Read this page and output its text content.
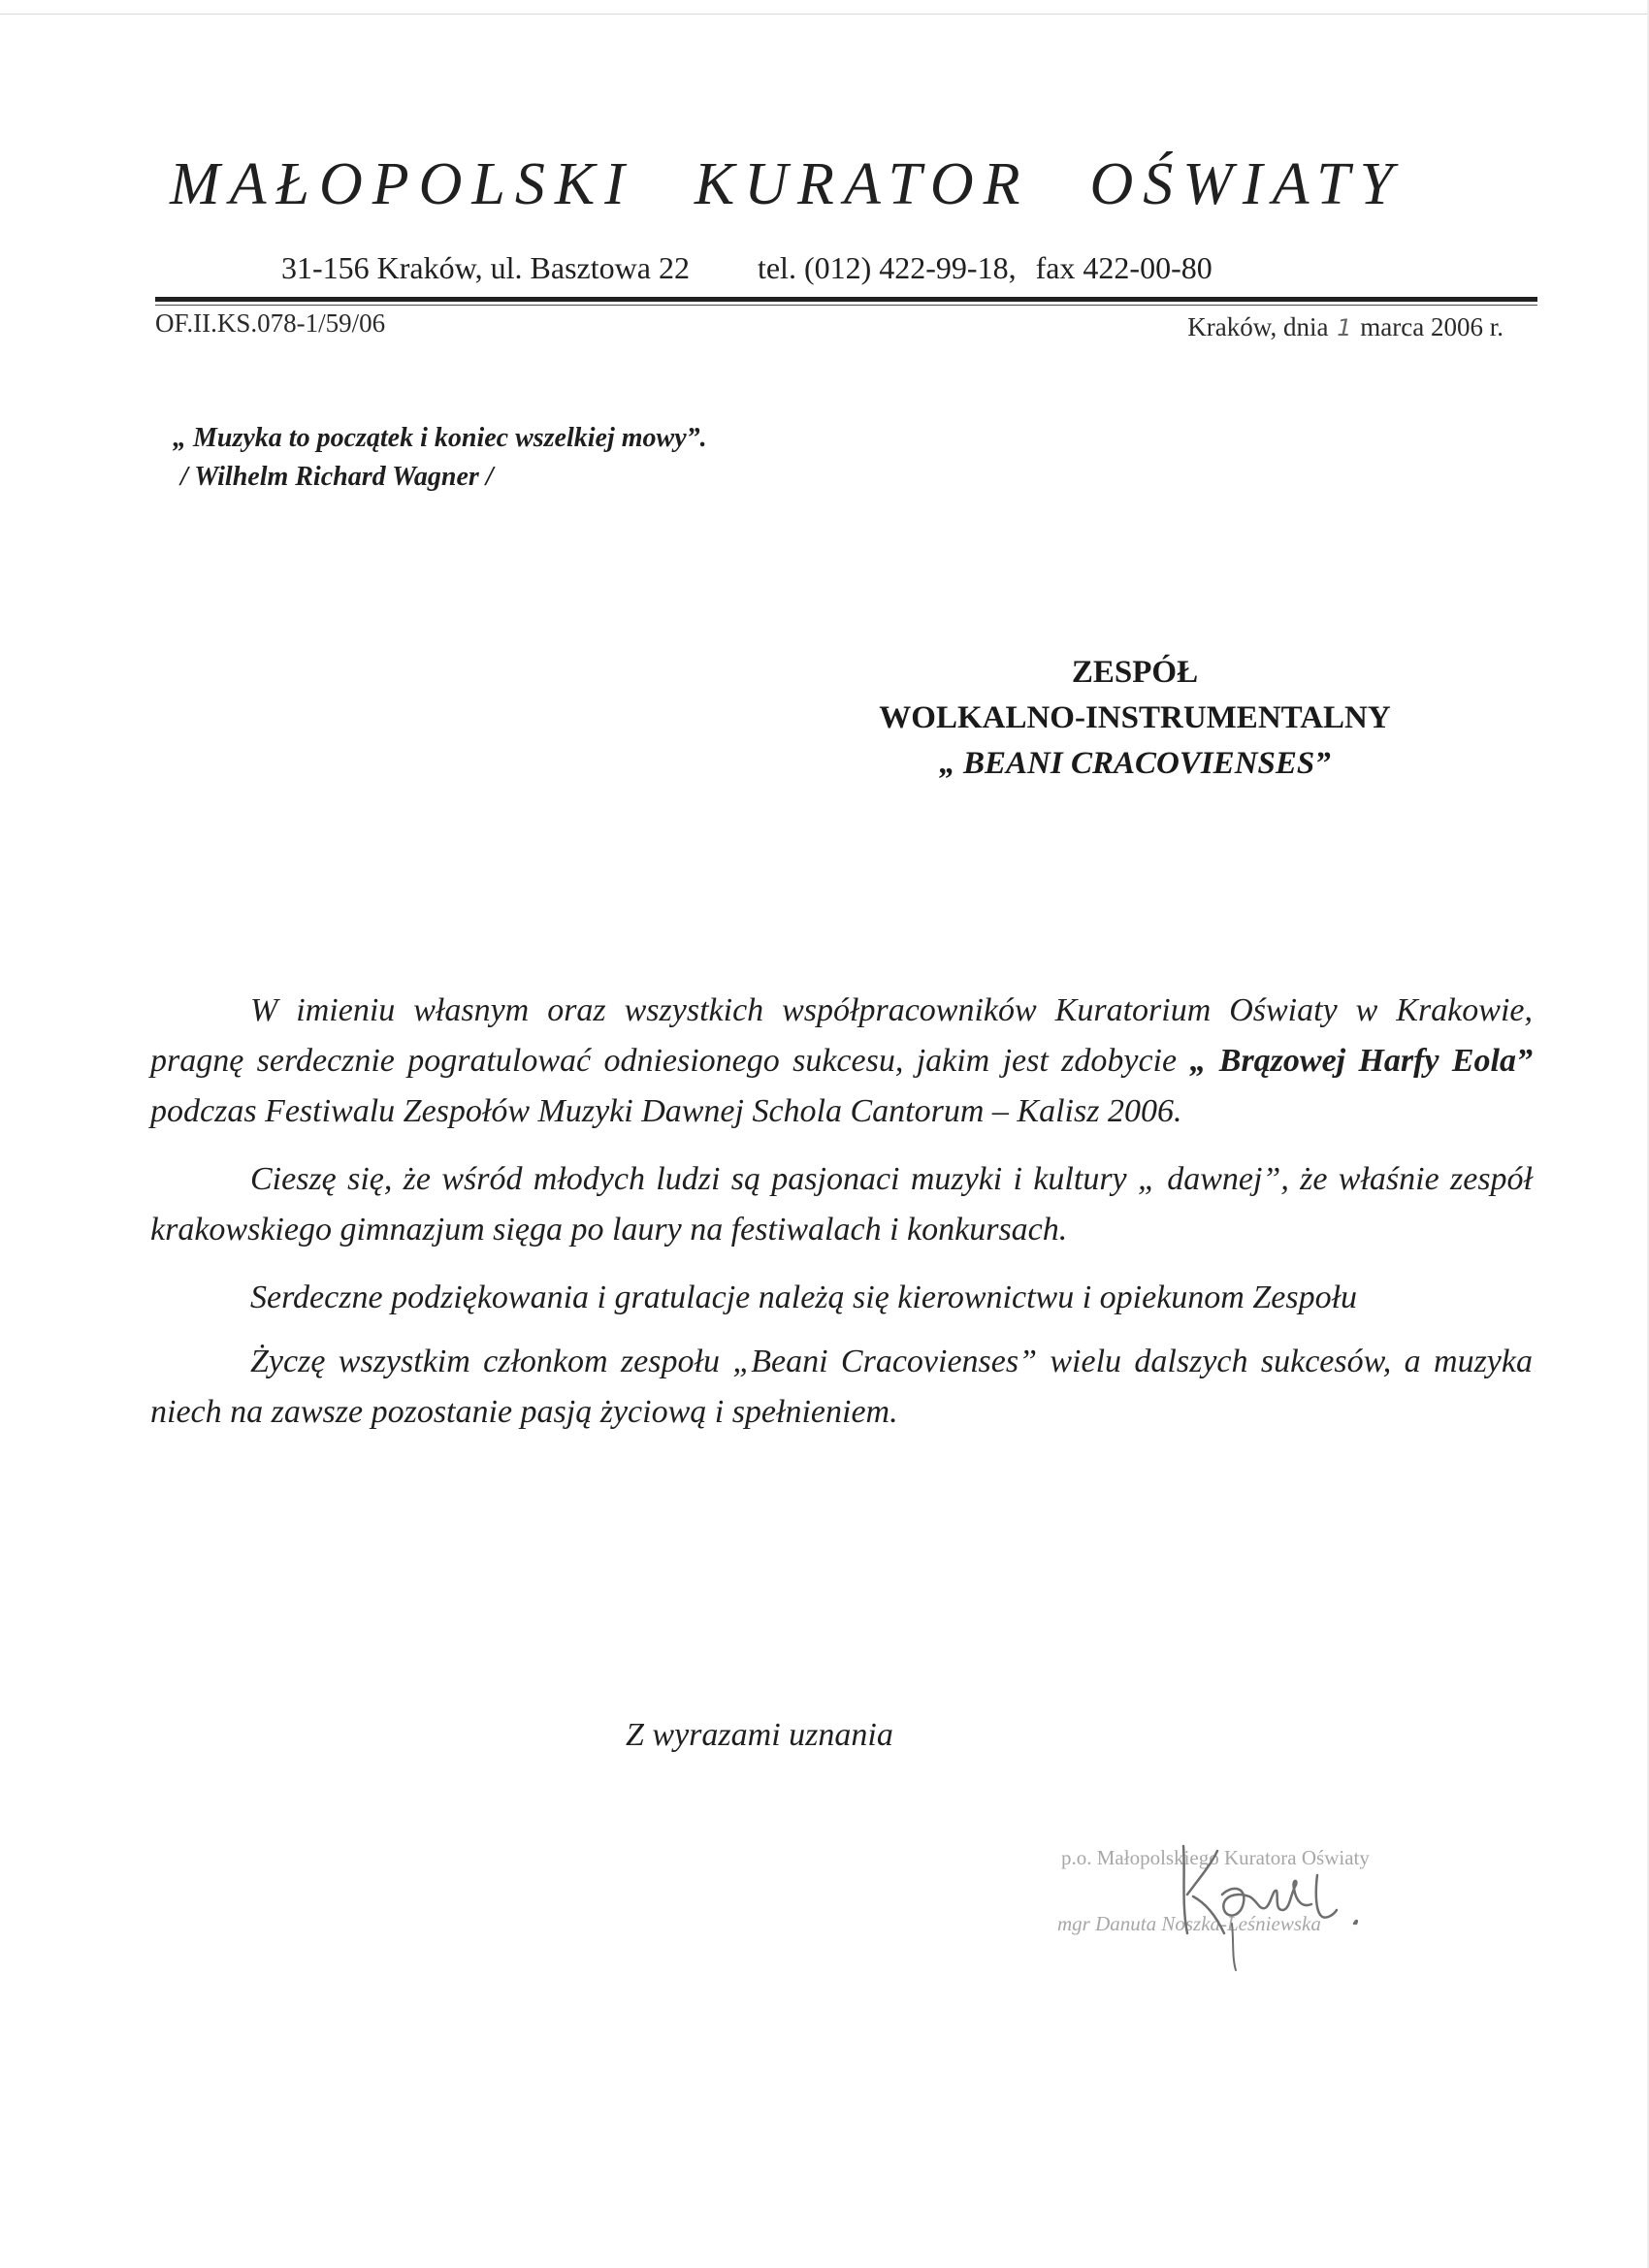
MAŁOPOLSKI KURATOR OŚWIATY
31-156 Kraków, ul. Basztowa 22 tel. (012) 422-99-18, fax 422-00-80
OF.II.KS.078-1/59/06	Kraków, dnia 1 marca 2006 r.
„ Muzyka to początek i koniec wszelkiej mowy”.
/ Wilhelm Richard Wagner /
ZESPÓŁ
WOLKALNO-INSTRUMENTALNY
„ BEANI CRACOVIENSES”

W imieniu własnym oraz wszystkich współpracowników Kuratorium Oświaty w Krakowie, pragnę serdecznie pogratulować odniesionego sukcesu, jakim jest zdobycie „ Brązowej Harfy Eola” podczas Festiwalu Zespołów Muzyki Dawnej Schola Cantorum – Kalisz 2006.

Cieszę się, że wśród młodych ludzi są pasjonaci muzyki i kultury „ dawnej”, że właśnie zespół krakowskiego gimnazjum sięga po laury na festiwalach i konkursach.

Serdeczne podziękowania i gratulacje należą się kierownictwu i opiekunom Zespołu

Życzę wszystkim członkom zespołu „Beani Cracovienses” wielu dalszych sukcesów, a muzyka niech na zawsze pozostanie pasją życiową i spełnieniem.

Z wyrazami uznania
p.o. Małopolskiego Kuratora Oświaty
mgr Danuta Noszka-Leśniewska
